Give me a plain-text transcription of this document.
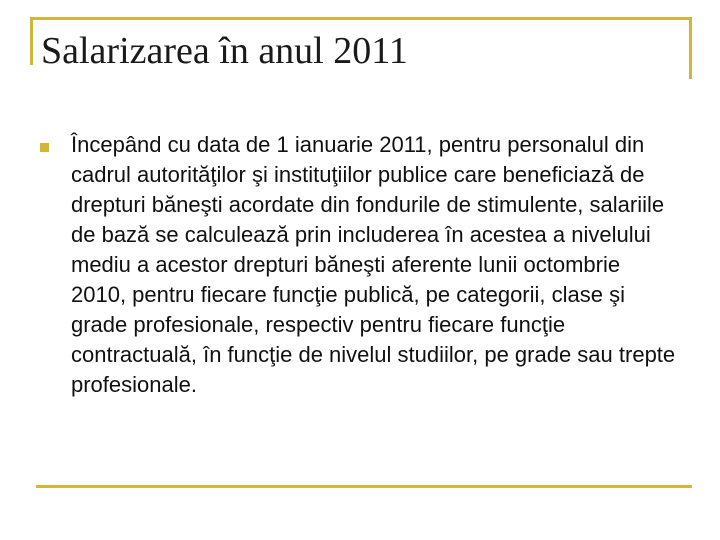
Salarizarea în anul 2011
Începând cu data de 1 ianuarie 2011, pentru personalul din cadrul autorităţilor şi instituţiilor publice care beneficiază de drepturi băneşti acordate din fondurile de stimulente, salariile de bază se calculează prin includerea în acestea a nivelului mediu a acestor drepturi băneşti aferente lunii octombrie 2010, pentru fiecare funcţie publică, pe categorii, clase şi grade profesionale, respectiv pentru fiecare funcţie contractuală, în funcţie de nivelul studiilor, pe grade sau trepte profesionale.
